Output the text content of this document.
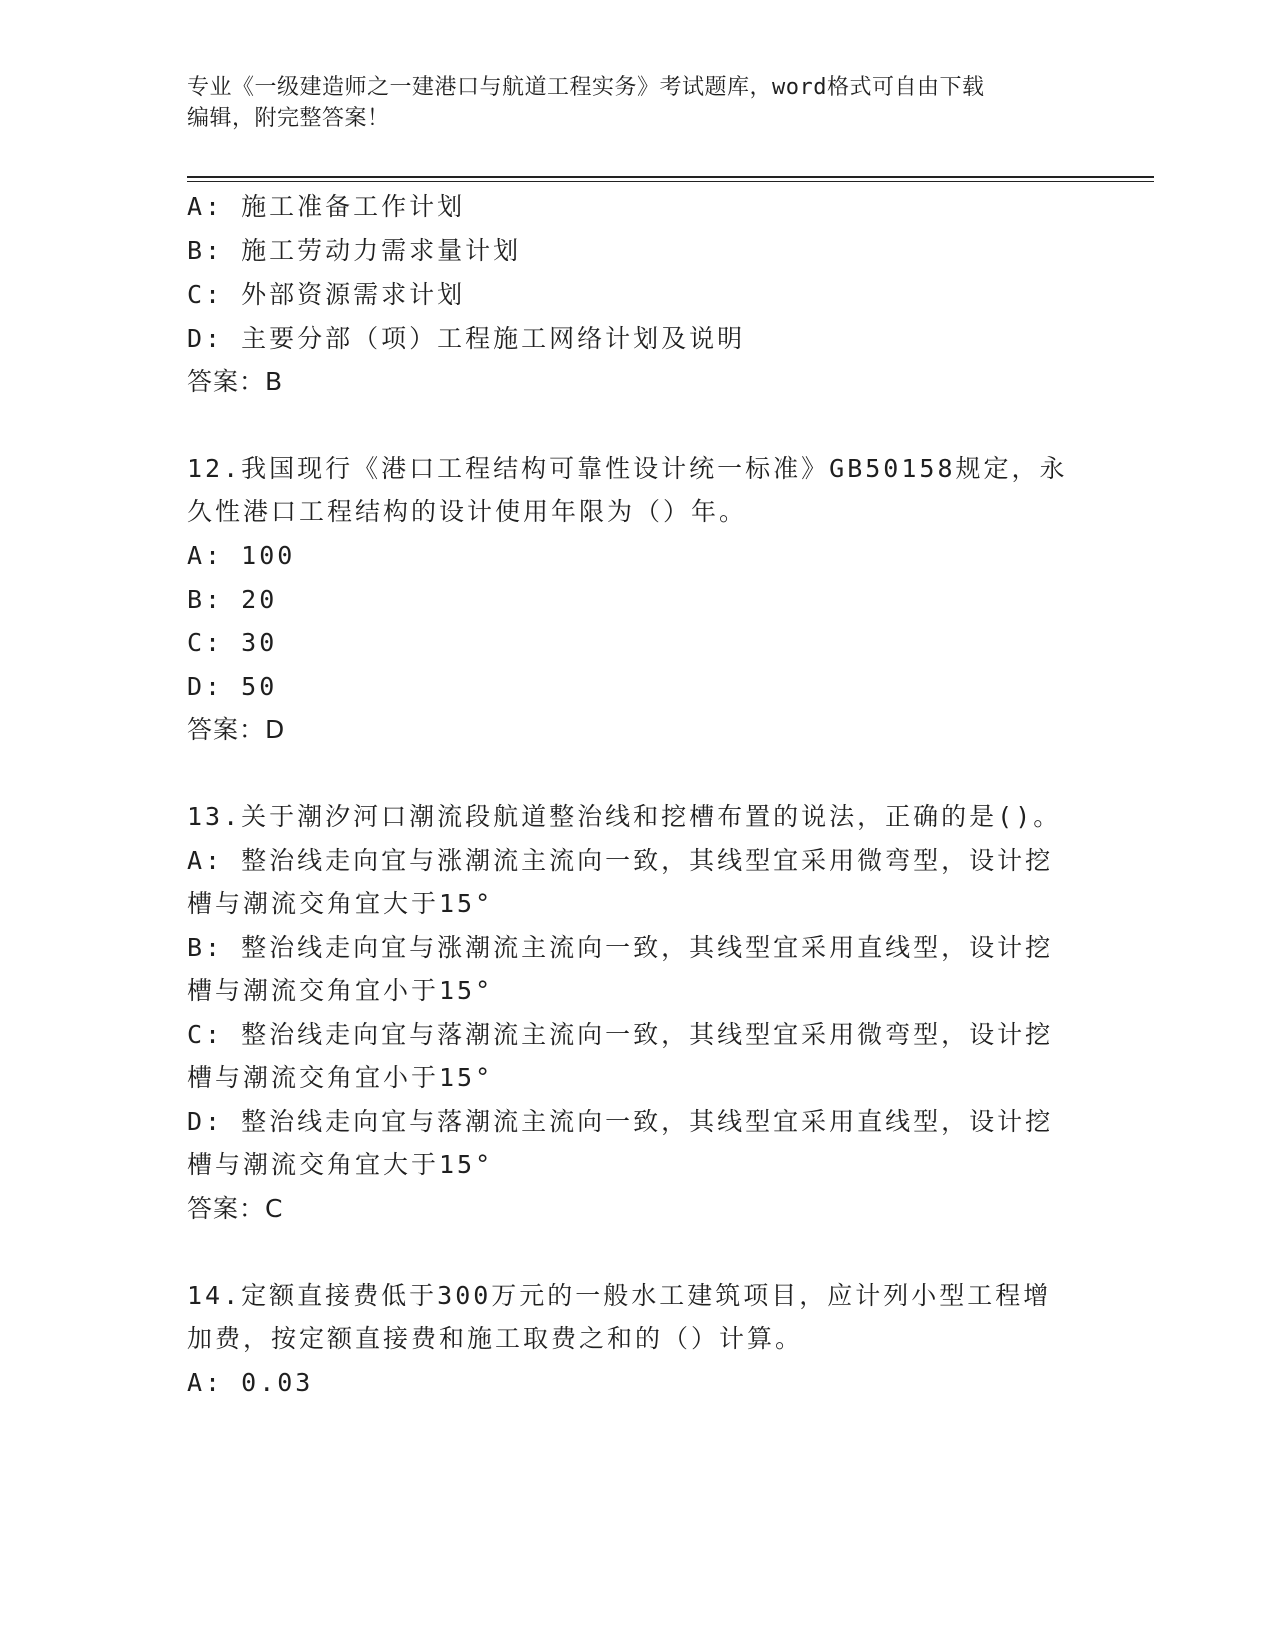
专业《一级建造师之一建港口与航道工程实务》考试题库，word格式可自由下载
编辑，附完整答案！
A: 施工准备工作计划
B: 施工劳动力需求量计划
C: 外部资源需求计划
D: 主要分部（项）工程施工网络计划及说明
答案：B
12.我国现行《港口工程结构可靠性设计统一标准》GB50158规定，永
久性港口工程结构的设计使用年限为（）年。
A: 100
B: 20
C: 30
D: 50
答案：D
13.关于潮汐河口潮流段航道整治线和挖槽布置的说法，正确的是()。
A: 整治线走向宜与涨潮流主流向一致，其线型宜采用微弯型，设计挖
槽与潮流交角宜大于15°
B: 整治线走向宜与涨潮流主流向一致，其线型宜采用直线型，设计挖
槽与潮流交角宜小于15°
C: 整治线走向宜与落潮流主流向一致，其线型宜采用微弯型，设计挖
槽与潮流交角宜小于15°
D: 整治线走向宜与落潮流主流向一致，其线型宜采用直线型，设计挖
槽与潮流交角宜大于15°
答案：C
14.定额直接费低于300万元的一般水工建筑项目，应计列小型工程增
加费，按定额直接费和施工取费之和的（）计算。
A: 0.03
